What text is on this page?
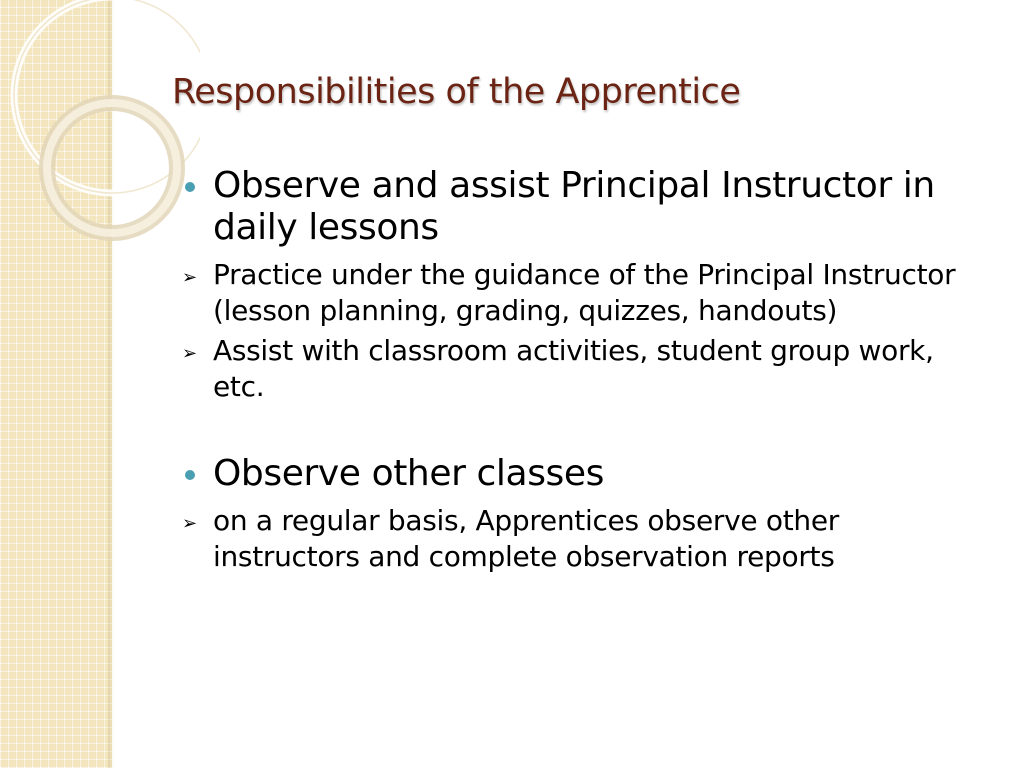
Responsibilities of the Apprentice
Observe and assist Principal Instructor in daily lessons
➢ Practice under the guidance of the Principal Instructor (lesson planning, grading, quizzes, handouts)
➢ Assist with classroom activities, student group work, etc.
Observe other classes
➢ on a regular basis, Apprentices observe other instructors and complete observation reports
